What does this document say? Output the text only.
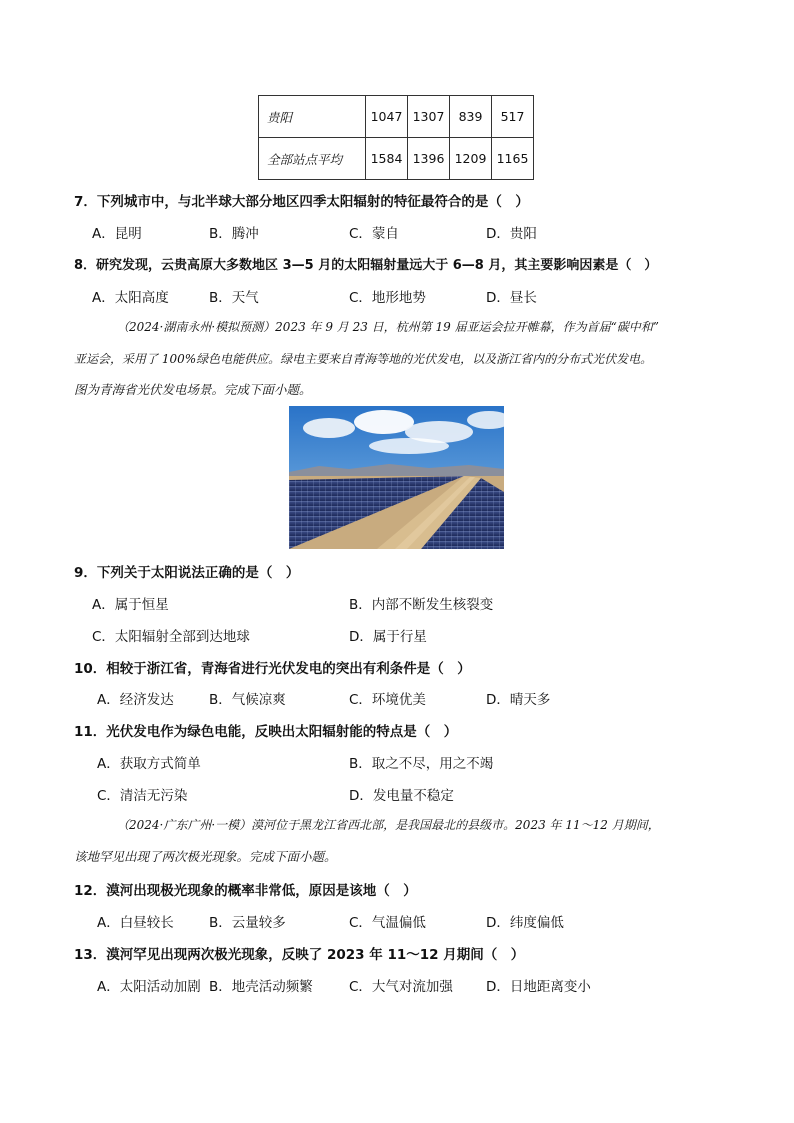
贵阳	1047	1307	839	517
全部站点平均	1584	1396	1209	1165
7．下列城市中，与北半球大部分地区四季太阳辐射的特征最符合的是（　）
A．昆明	B．腾冲	C．蒙自	D．贵阳
8．研究发现，云贵高原大多数地区 3—5 月的太阳辐射量远大于 6—8 月，其主要影响因素是（　）
A．太阳高度	B．天气	C．地形地势	D．昼长
（2024·湖南永州·模拟预测）2023 年 9 月 23 日，杭州第 19 届亚运会拉开帷幕，作为首届“碳中和”
亚运会，采用了 100%绿色电能供应。绿电主要来自青海等地的光伏发电，以及浙江省内的分布式光伏发电。
图为青海省光伏发电场景。完成下面小题。
9．下列关于太阳说法正确的是（　）
A．属于恒星	B．内部不断发生核裂变
C．太阳辐射全部到达地球	D．属于行星
10．相较于浙江省，青海省进行光伏发电的突出有利条件是（　）
A．经济发达	B．气候凉爽	C．环境优美	D．晴天多
11．光伏发电作为绿色电能，反映出太阳辐射能的特点是（　）
A．获取方式简单	B．取之不尽，用之不竭
C．清洁无污染	D．发电量不稳定
（2024·广东广州·一模）漠河位于黑龙江省西北部，是我国最北的县级市。2023 年 11～12 月期间，
该地罕见出现了两次极光现象。完成下面小题。
12．漠河出现极光现象的概率非常低，原因是该地（　）
A．白昼较长	B．云量较多	C．气温偏低	D．纬度偏低
13．漠河罕见出现两次极光现象，反映了 2023 年 11～12 月期间（　）
A．太阳活动加剧 B．地壳活动频繁	C．大气对流加强 D．日地距离变小
